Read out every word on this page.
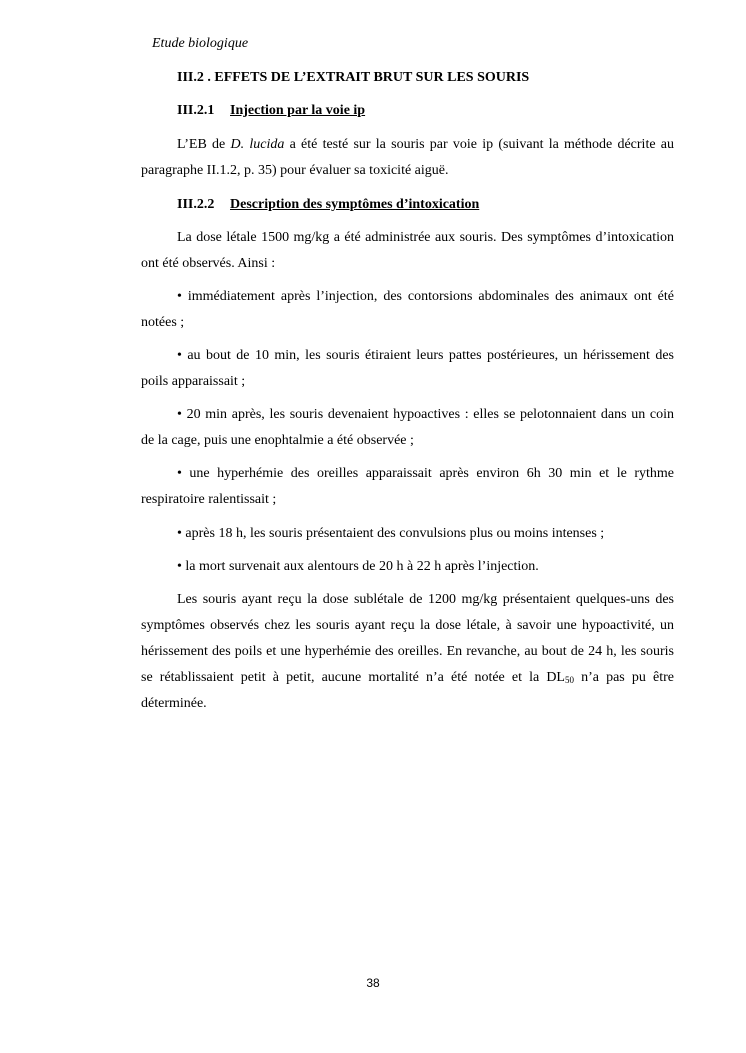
Etude biologique

III.2 . EFFETS DE L’EXTRAIT BRUT SUR LES SOURIS

III.2.1 Injection par la voie ip

L’EB de D. lucida a été testé sur la souris par voie ip (suivant la méthode décrite au paragraphe II.1.2, p. 35) pour évaluer sa toxicité aiguë.

III.2.2 Description des symptômes d’intoxication

La dose létale 1500 mg/kg a été administrée aux souris. Des symptômes d’intoxication ont été observés. Ainsi :

• immédiatement après l’injection, des contorsions abdominales des animaux ont été notées ;

• au bout de 10 min, les souris étiraient leurs pattes postérieures, un hérissement des poils apparaissait ;

• 20 min après, les souris devenaient hypoactives : elles se pelotonnaient dans un coin de la cage, puis une enophtalmie a été observée ;

• une hyperhémie des oreilles apparaissait après environ 6h 30 min et le rythme respiratoire ralentissait ;

• après 18 h, les souris présentaient des convulsions plus ou moins intenses ;

• la mort survenait aux alentours de 20 h à 22 h après l’injection.

Les souris ayant reçu la dose sublétale de 1200 mg/kg présentaient quelques-uns des symptômes observés chez les souris ayant reçu la dose létale, à savoir une hypoactivité, un hérissement des poils et une hyperhémie des oreilles. En revanche, au bout de 24 h, les souris se rétablissaient petit à petit, aucune mortalité n’a été notée et la $DL_{50}$ n’a pas pu être déterminée.

38
